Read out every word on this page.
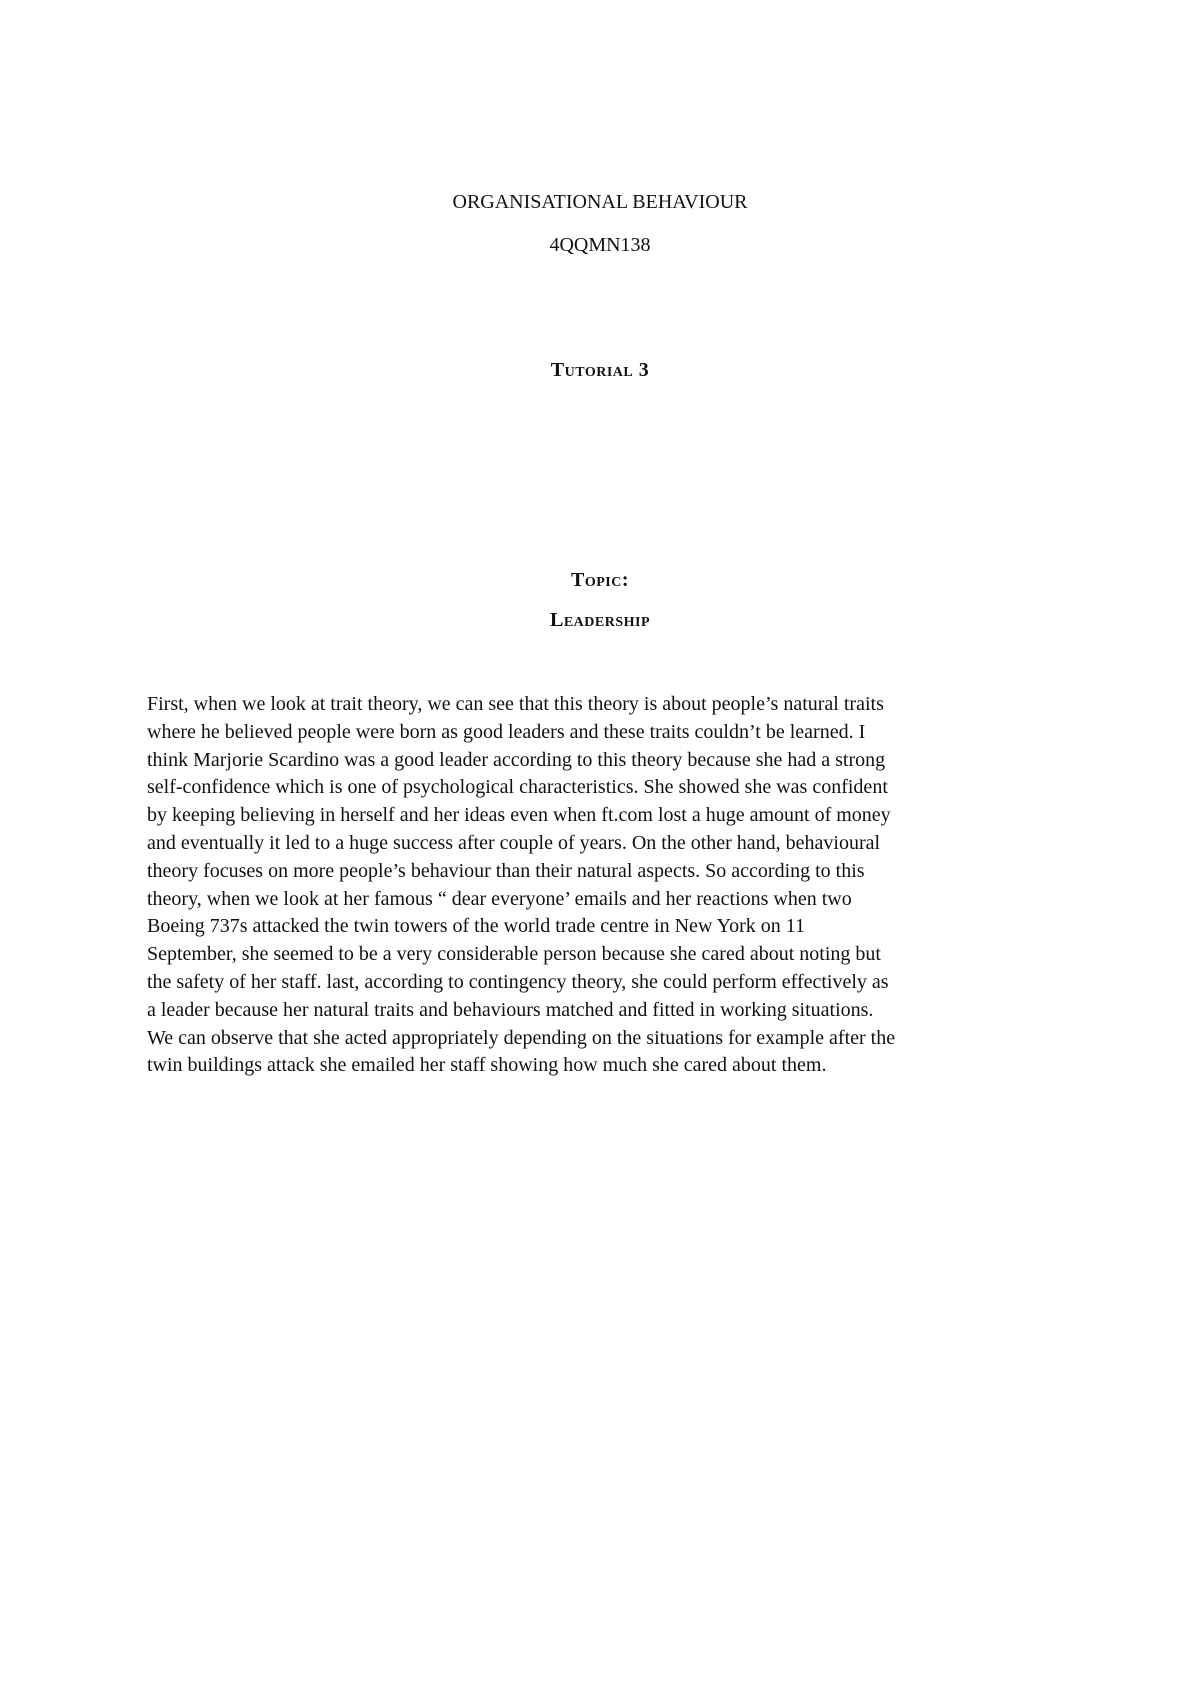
ORGANISATIONAL BEHAVIOUR
4QQMN138
Tutorial 3
Topic:
Leadership
First, when we look at trait theory, we can see that this theory is about people’s natural traits
where he believed people were born as good leaders and these traits couldn’t be learned. I
think Marjorie Scardino was a good leader according to this theory because she had a strong
self-confidence which is one of psychological characteristics. She showed she was confident
by keeping believing in herself and her ideas even when ft.com lost a huge amount of money
and eventually it led to a huge success after couple of years. On the other hand, behavioural
theory focuses on more people’s behaviour than their natural aspects. So according to this
theory, when we look at her famous “ dear everyone’ emails and her reactions when two
Boeing 737s attacked the twin towers of the world trade centre in New York on 11
September, she seemed to be a very considerable person because she cared about noting but
the safety of her staff. last, according to contingency theory, she could perform effectively as
a leader because her natural traits and behaviours matched and fitted in working situations.
We can observe that she acted appropriately depending on the situations for example after the
twin buildings attack she emailed her staff showing how much she cared about them.
